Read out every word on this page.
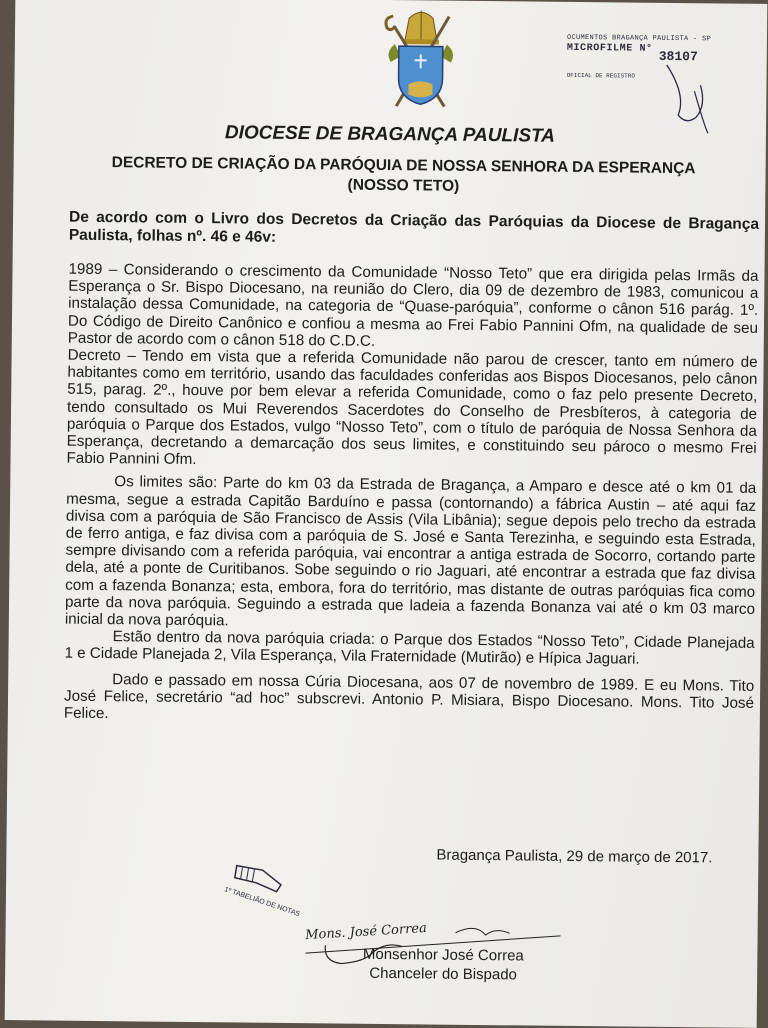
OCUMENTOS BRAGANÇA PAULISTA - SP
MICROFILME N°
38107
OFICIAL DE REGISTRO
DIOCESE DE BRAGANÇA PAULISTA
DECRETO DE CRIAÇÃO DA PARÓQUIA DE NOSSA SENHORA DA ESPERANÇA
(NOSSO TETO)
De acordo com o Livro dos Decretos da Criação das Paróquias da Diocese de Bragança Paulista, folhas nº. 46 e 46v:

1989 – Considerando o crescimento da Comunidade “Nosso Teto” que era dirigida pelas Irmãs da Esperança o Sr. Bispo Diocesano, na reunião do Clero, dia 09 de dezembro de 1983, comunicou a instalação dessa Comunidade, na categoria de “Quase-paróquia”, conforme o cânon 516 parág. 1º. Do Código de Direito Canônico e confiou a mesma ao Frei Fabio Pannini Ofm, na qualidade de seu Pastor de acordo com o cânon 518 do C.D.C.

Decreto – Tendo em vista que a referida Comunidade não parou de crescer, tanto em número de habitantes como em território, usando das faculdades conferidas aos Bispos Diocesanos, pelo cânon 515, parag. 2º., houve por bem elevar a referida Comunidade, como o faz pelo presente Decreto, tendo consultado os Mui Reverendos Sacerdotes do Conselho de Presbíteros, à categoria de paróquia o Parque dos Estados, vulgo “Nosso Teto”, com o título de paróquia de Nossa Senhora da Esperança, decretando a demarcação dos seus limites, e constituindo seu pároco o mesmo Frei Fabio Pannini Ofm.

Os limites são: Parte do km 03 da Estrada de Bragança, a Amparo e desce até o km 01 da mesma, segue a estrada Capitão Barduíno e passa (contornando) a fábrica Austin – até aqui faz divisa com a paróquia de São Francisco de Assis (Vila Libânia); segue depois pelo trecho da estrada de ferro antiga, e faz divisa com a paróquia de S. José e Santa Terezinha, e seguindo esta Estrada, sempre divisando com a referida paróquia, vai encontrar a antiga estrada de Socorro, cortando parte dela, até a ponte de Curitibanos. Sobe seguindo o rio Jaguari, até encontrar a estrada que faz divisa com a fazenda Bonanza; esta, embora, fora do território, mas distante de outras paróquias fica como parte da nova paróquia. Seguindo a estrada que ladeia a fazenda Bonanza vai até o km 03 marco inicial da nova paróquia.

Estão dentro da nova paróquia criada: o Parque dos Estados “Nosso Teto”, Cidade Planejada 1 e Cidade Planejada 2, Vila Esperança, Vila Fraternidade (Mutirão) e Hípica Jaguari.

Dado e passado em nossa Cúria Diocesana, aos 07 de novembro de 1989. E eu Mons. Tito José Felice, secretário “ad hoc” subscrevi. Antonio P. Misiara, Bispo Diocesano. Mons. Tito José Felice.

Bragança Paulista, 29 de março de 2017.
1º TABELIÃO DE NOTAS
Mons. José Correa
Monsenhor José Correa
Chanceler do Bispado
